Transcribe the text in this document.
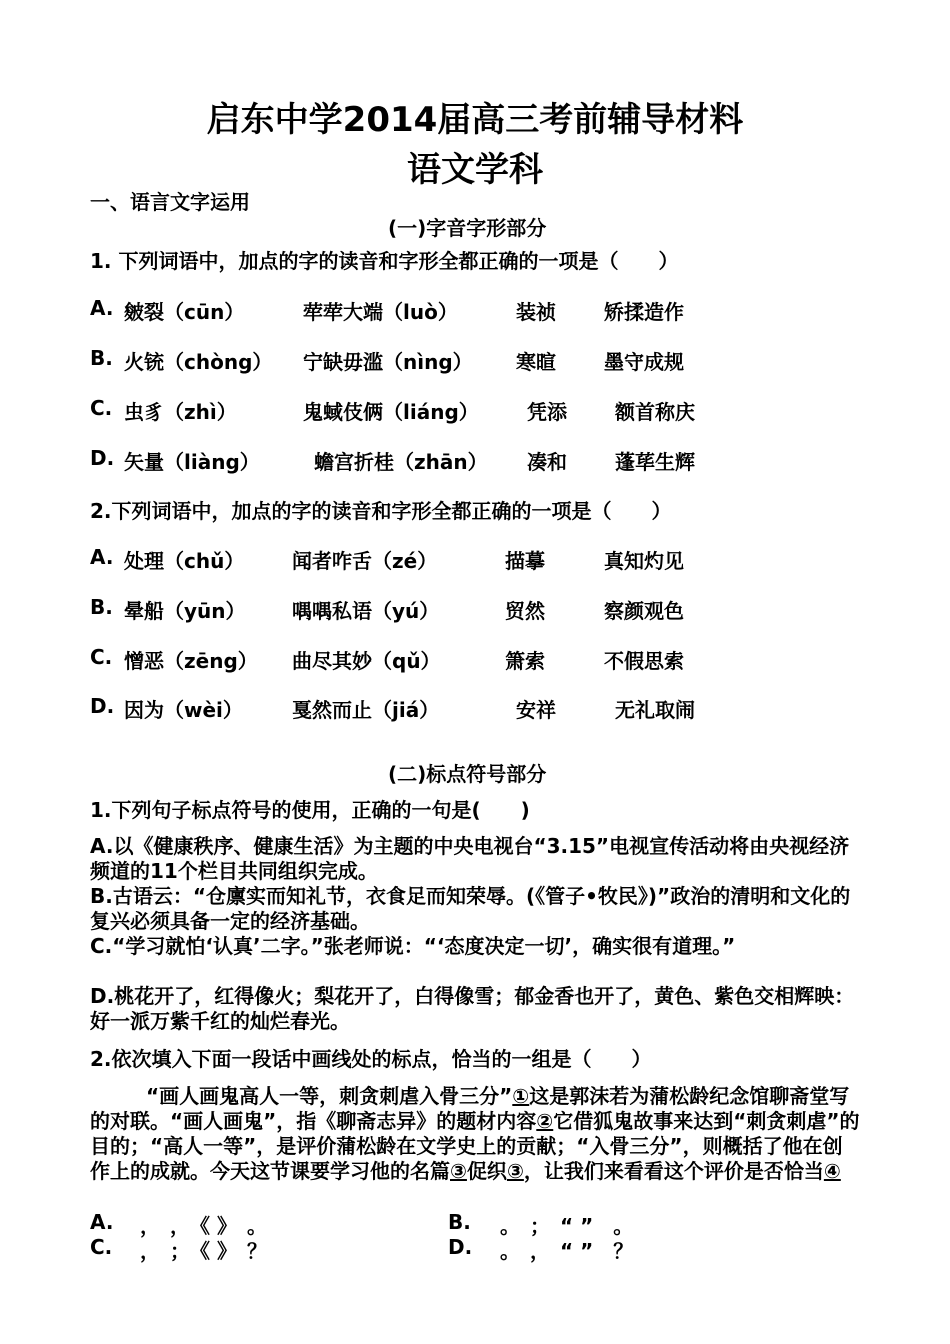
启东中学2014届高三考前辅导材料
语文学科
一、语言文字运用
(一)字音字形部分
1. 下列词语中，加点的字的读音和字形全都正确的一项是（　　）
A. 皴裂（cūn）	荦荦大端（luò）	装祯 矫揉造作
B. 火铳（chòng） 宁缺毋滥（nìng） 寒暄 墨守成规
C. 虫豸（zhì）	鬼蜮伎俩（liáng） 凭添 额首称庆
D. 矢量（liàng）	蟾宫折桂（zhān） 凑和 蓬荜生辉
2.下列词语中，加点的字的读音和字形全都正确的一项是（　　）
A. 处理（chǔ） 闻者咋舌（zé）	描摹	真知灼见
B. 晕船（yūn） 喁喁私语（yú）	贸然	察颜观色
C. 憎恶（zēng） 曲尽其妙（qǔ）	箫索	不假思索
D. 因为（wèi） 戛然而止（jiá）	安祥	无礼取闹
(二)标点符号部分
1.下列句子标点符号的使用，正确的一句是(　　)
A.以《健康秩序、健康生活》为主题的中央电视台“3.15”电视宣传活动将由央视经济频道的11个栏目共同组织完成。
B.古语云：“仓廪实而知礼节，衣食足而知荣辱。(《管子•牧民》)”政治的清明和文化的复兴必须具备一定的经济基础。
C.“学习就怕‘认真’二字。”张老师说：“‘态度决定一切’，确实很有道理。”
D.桃花开了，红得像火；梨花开了，白得像雪；郁金香也开了，黄色、紫色交相辉映：好一派万紫千红的灿烂春光。
2.依次填入下面一段话中画线处的标点，恰当的一组是（　　）
“画人画鬼高人一等，刺贪刺虐入骨三分”①这是郭沫若为蒲松龄纪念馆聊斋堂写的对联。“画人画鬼”，指《聊斋志异》的题材内容②它借狐鬼故事来达到“刺贪刺虐”的目的；“高人一等”，是评价蒲松龄在文学史上的贡献；“入骨三分”，则概括了他在创作上的成就。今天这节课要学习他的名篇③促织③，让我们来看看这个评价是否恰当④
A. ，　，　《 》　。	B. 。　；　“ ”　。
C. ，　；　《 》　？	D. 。　，　“ ”　？
